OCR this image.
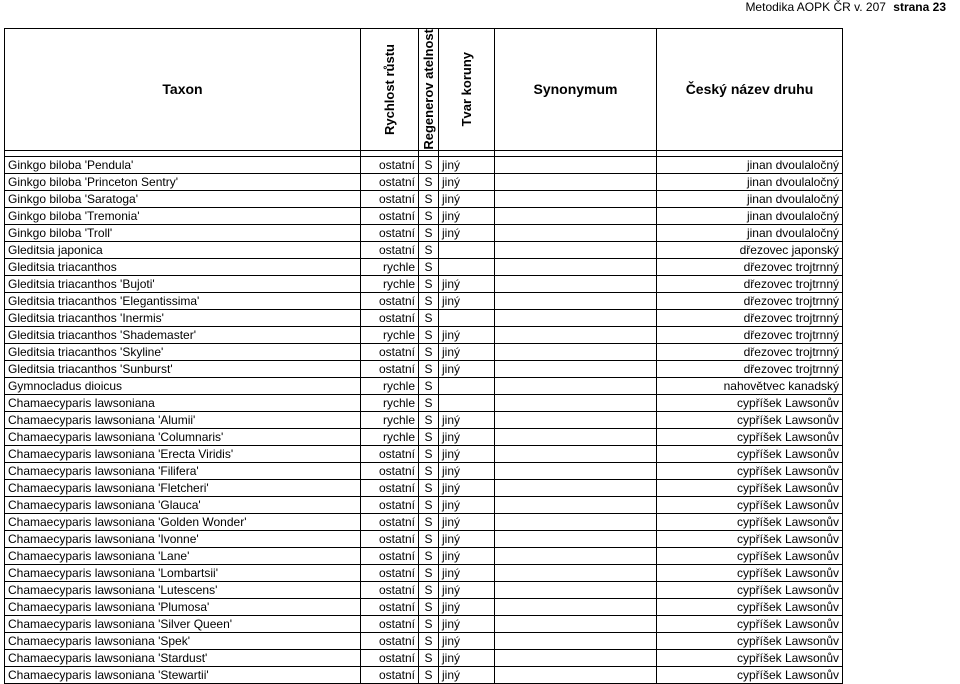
Metodika AOPK ČR v. 207 strana 23
Taxon	Rychlost růstu	Regenerov atelnost	Tvar koruny	Synonymum	Český název druhu

Ginkgo biloba 'Pendula'	ostatní	S	jiný		jinan dvoulaločný
Ginkgo biloba 'Princeton Sentry'	ostatní	S	jiný		jinan dvoulaločný
Ginkgo biloba 'Saratoga'	ostatní	S	jiný		jinan dvoulaločný
Ginkgo biloba 'Tremonia'	ostatní	S	jiný		jinan dvoulaločný
Ginkgo biloba 'Troll'	ostatní	S	jiný		jinan dvoulaločný
Gleditsia japonica	ostatní	S			dřezovec japonský
Gleditsia triacanthos	rychle	S			dřezovec trojtrnný
Gleditsia triacanthos 'Bujoti'	rychle	S	jiný		dřezovec trojtrnný
Gleditsia triacanthos 'Elegantissima'	ostatní	S	jiný		dřezovec trojtrnný
Gleditsia triacanthos 'Inermis'	ostatní	S			dřezovec trojtrnný
Gleditsia triacanthos 'Shademaster'	rychle	S	jiný		dřezovec trojtrnný
Gleditsia triacanthos 'Skyline'	ostatní	S	jiný		dřezovec trojtrnný
Gleditsia triacanthos 'Sunburst'	ostatní	S	jiný		dřezovec trojtrnný
Gymnocladus dioicus	rychle	S			nahovětvec kanadský
Chamaecyparis lawsoniana	rychle	S			cypříšek Lawsonův
Chamaecyparis lawsoniana 'Alumii'	rychle	S	jiný		cypříšek Lawsonův
Chamaecyparis lawsoniana 'Columnaris'	rychle	S	jiný		cypříšek Lawsonův
Chamaecyparis lawsoniana 'Erecta Viridis'	ostatní	S	jiný		cypříšek Lawsonův
Chamaecyparis lawsoniana 'Filifera'	ostatní	S	jiný		cypříšek Lawsonův
Chamaecyparis lawsoniana 'Fletcheri'	ostatní	S	jiný		cypříšek Lawsonův
Chamaecyparis lawsoniana 'Glauca'	ostatní	S	jiný		cypříšek Lawsonův
Chamaecyparis lawsoniana 'Golden Wonder'	ostatní	S	jiný		cypříšek Lawsonův
Chamaecyparis lawsoniana 'Ivonne'	ostatní	S	jiný		cypříšek Lawsonův
Chamaecyparis lawsoniana 'Lane'	ostatní	S	jiný		cypříšek Lawsonův
Chamaecyparis lawsoniana 'Lombartsii'	ostatní	S	jiný		cypříšek Lawsonův
Chamaecyparis lawsoniana 'Lutescens'	ostatní	S	jiný		cypříšek Lawsonův
Chamaecyparis lawsoniana 'Plumosa'	ostatní	S	jiný		cypříšek Lawsonův
Chamaecyparis lawsoniana 'Silver Queen'	ostatní	S	jiný		cypříšek Lawsonův
Chamaecyparis lawsoniana 'Spek'	ostatní	S	jiný		cypříšek Lawsonův
Chamaecyparis lawsoniana 'Stardust'	ostatní	S	jiný		cypříšek Lawsonův
Chamaecyparis lawsoniana 'Stewartii'	ostatní	S	jiný		cypříšek Lawsonův
